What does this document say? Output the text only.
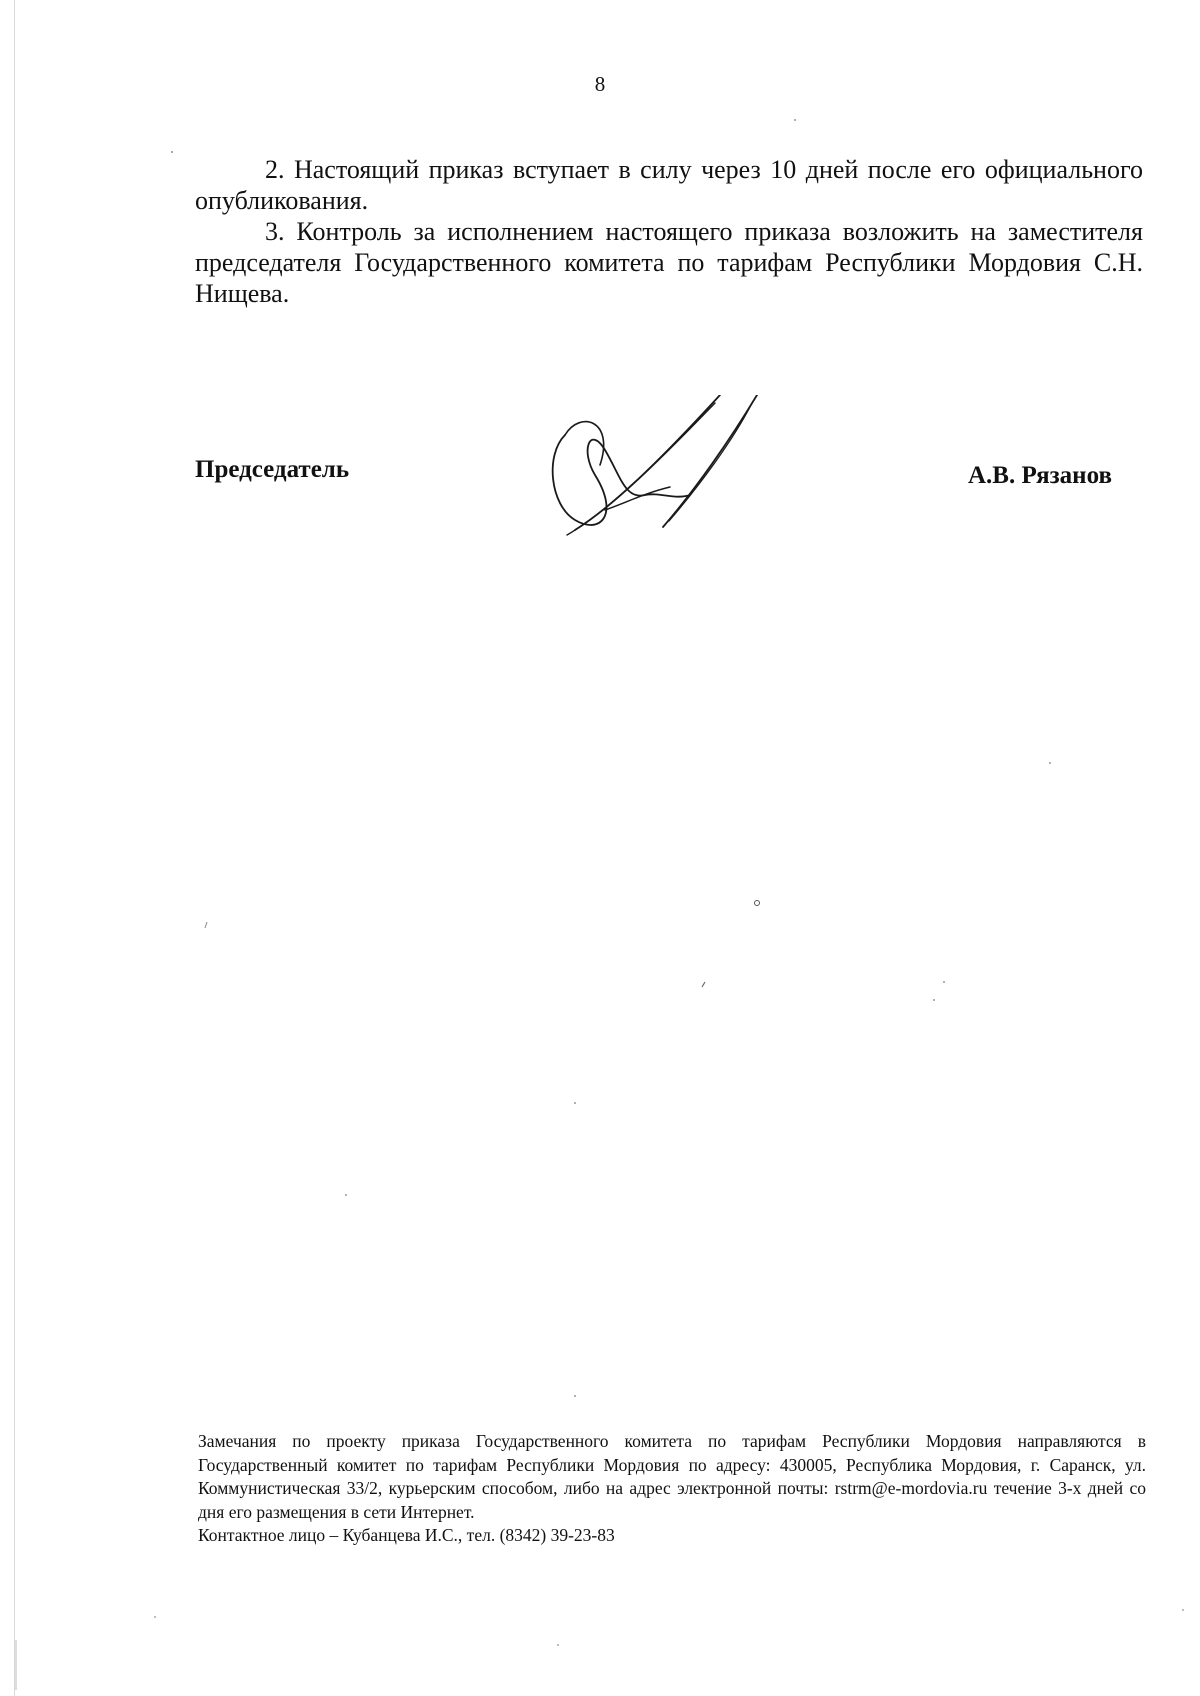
8

2. Настоящий приказ вступает в силу через 10 дней после его официального опубликования.

3. Контроль за исполнением настоящего приказа возложить на заместителя председателя Государственного комитета по тарифам Республики Мордовия С.Н. Нищева.

Председатель	А.В. Рязанов

Замечания по проекту приказа Государственного комитета по тарифам Республики Мордовия направляются в Государственный комитет по тарифам Республики Мордовия по адресу: 430005, Республика Мордовия, г. Саранск, ул. Коммунистическая 33/2, курьерским способом, либо на адрес электронной почты: rstrm@e-mordovia.ru течение 3-х дней со дня его размещения в сети Интернет.

Контактное лицо – Кубанцева И.С., тел. (8342) 39-23-83
